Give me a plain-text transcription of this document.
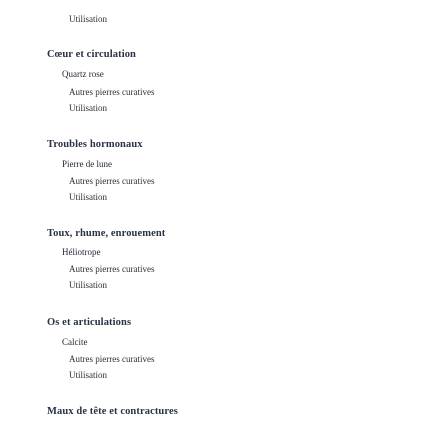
Utilisation
Cœur et circulation
Quartz rose
Autres pierres curatives
Utilisation
Troubles hormonaux
Pierre de lune
Autres pierres curatives
Utilisation
Toux, rhume, enrouement
Héliotrope
Autres pierres curatives
Utilisation
Os et articulations
Calcite
Autres pierres curatives
Utilisation
Maux de tête et contractures
